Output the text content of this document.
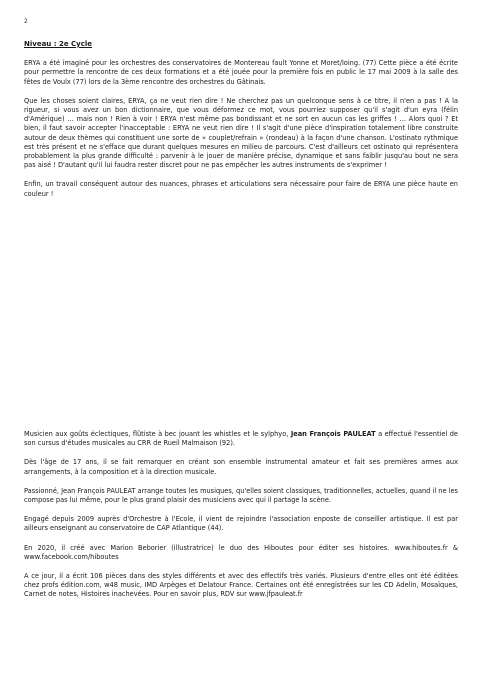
2

Niveau : 2e Cycle

ERYA a été imaginé pour les orchestres des conservatoires de Montereau fault Yonne et Moret/loing. (77) Cette pièce a été écrite pour permettre la rencontre de ces deux formations et a été jouée pour la première fois en public le 17 mai 2009 à la salle des fêtes de Voulx (77) lors de la 3ème rencontre des orchestres du Gâtinais.

Que les choses soient claires, ERYA, ça ne veut rien dire ! Ne cherchez pas un quelconque sens à ce titre, il n'en a pas ! A la rigueur, si vous avez un bon dictionnaire, que vous déformez ce mot, vous pourriez supposer qu'il s'agit d'un eyra (félin d'Amérique) … mais non ! Rien à voir ! ERYA n'est même pas bondissant et ne sort en aucun cas les griffes ! … Alors quoi ? Et bien, il faut savoir accepter l'inacceptable : ERYA ne veut rien dire ! Il s'agit d'une pièce d'inspiration totalement libre construite autour de deux thèmes qui constituent une sorte de « couplet/refrain » (rondeau) à la façon d'une chanson. L'ostinato rythmique est très présent et ne s'efface que durant quelques mesures en milieu de parcours. C'est d'ailleurs cet ostinato qui représentera probablement la plus grande difficulté : parvenir à le jouer de manière précise, dynamique et sans faiblir jusqu'au bout ne sera pas aisé ! D'autant qu'il lui faudra rester discret pour ne pas empêcher les autres instruments de s'exprimer !

Enfin, un travail conséquent autour des nuances, phrases et articulations sera nécessaire pour faire de ERYA une pièce haute en couleur !

Musicien aux goûts éclectiques, flûtiste à bec jouant les whistles et le sylphyo, Jean François PAULEAT a effectué l'essentiel de son cursus d'études musicales au CRR de Rueil Malmaison (92).

Dès l'âge de 17 ans, il se fait remarquer en créant son ensemble instrumental amateur et fait ses premières armes aux arrangements, à la composition et à la direction musicale.

Passionné, Jean François PAULEAT arrange toutes les musiques, qu'elles soient classiques, traditionnelles, actuelles, quand il ne les compose pas lui même, pour le plus grand plaisir des musiciens avec qui il partage la scène.

Engagé depuis 2009 auprès d'Orchestre à l'Ecole, il vient de rejoindre l'association enposte de conseiller artistique. Il est par ailleurs enseignant au conservatoire de CAP Atlantique (44).

En 2020, il créé avec Marion Beborier (illustratrice) le duo des Hiboutes pour éditer ses histoires. www.hiboutes.fr & www.facebook.com/hiboutes

A ce jour, il a écrit 106 pièces dans des styles différents et avec des effectifs très variés. Plusieurs d'entre elles ont été éditées chez profs édition.com, w48 music, IMD Arpèges et Delatour France. Certaines ont été enregistrées sur les CD Adelin, Mosaïques, Carnet de notes, Histoires inachevées. Pour en savoir plus, RDV sur www.jfpauleat.fr
